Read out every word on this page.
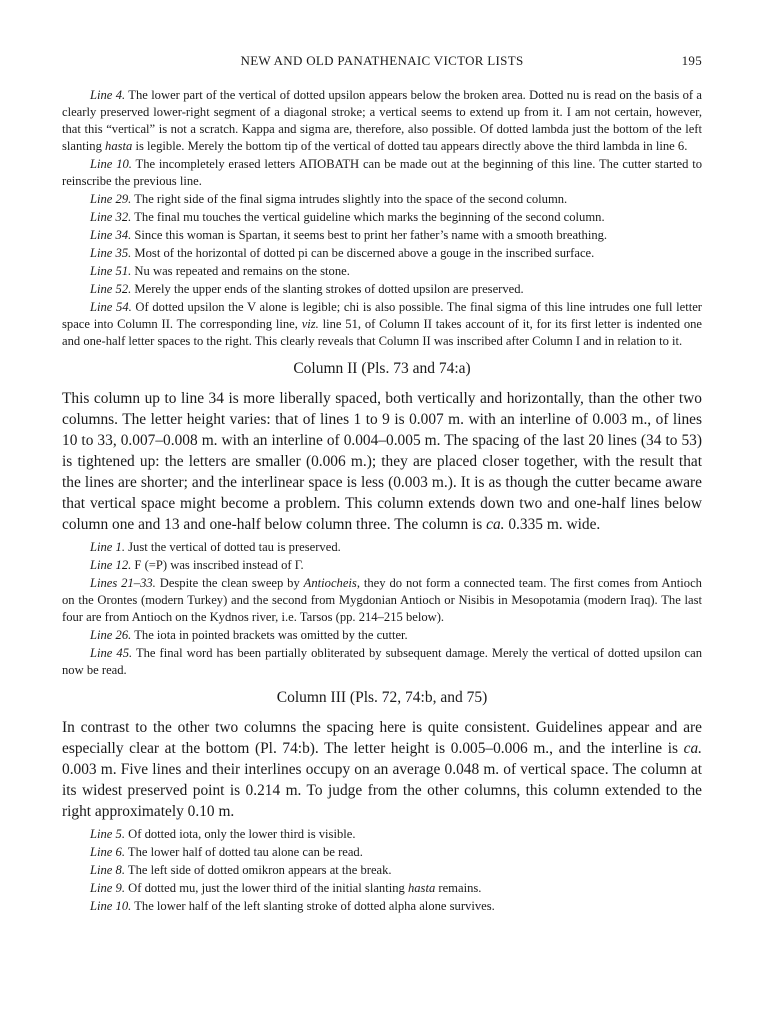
NEW AND OLD PANATHENAIC VICTOR LISTS	195

Line 4. The lower part of the vertical of dotted upsilon appears below the broken area. Dotted nu is read on the basis of a clearly preserved lower-right segment of a diagonal stroke; a vertical seems to extend up from it. I am not certain, however, that this “vertical” is not a scratch. Kappa and sigma are, therefore, also possible. Of dotted lambda just the bottom of the left slanting hasta is legible. Merely the bottom tip of the vertical of dotted tau appears directly above the third lambda in line 6.

Line 10. The incompletely erased letters ΑΠΟΒΑΤΗ can be made out at the beginning of this line. The cutter started to reinscribe the previous line.

Line 29. The right side of the final sigma intrudes slightly into the space of the second column.

Line 32. The final mu touches the vertical guideline which marks the beginning of the second column.

Line 34. Since this woman is Spartan, it seems best to print her father’s name with a smooth breathing.

Line 35. Most of the horizontal of dotted pi can be discerned above a gouge in the inscribed surface.

Line 51. Nu was repeated and remains on the stone.

Line 52. Merely the upper ends of the slanting strokes of dotted upsilon are preserved.

Line 54. Of dotted upsilon the V alone is legible; chi is also possible. The final sigma of this line intrudes one full letter space into Column II. The corresponding line, viz. line 51, of Column II takes account of it, for its first letter is indented one and one-half letter spaces to the right. This clearly reveals that Column II was inscribed after Column I and in relation to it.

Column II (Pls. 73 and 74:a)

This column up to line 34 is more liberally spaced, both vertically and horizontally, than the other two columns. The letter height varies: that of lines 1 to 9 is 0.007 m. with an interline of 0.003 m., of lines 10 to 33, 0.007–0.008 m. with an interline of 0.004–0.005 m. The spacing of the last 20 lines (34 to 53) is tightened up: the letters are smaller (0.006 m.); they are placed closer together, with the result that the lines are shorter; and the interlinear space is less (0.003 m.). It is as though the cutter became aware that vertical space might become a problem. This column extends down two and one-half lines below column one and 13 and one-half below column three. The column is ca. 0.335 m. wide.

Line 1. Just the vertical of dotted tau is preserved.

Line 12. F (=P) was inscribed instead of Γ.

Lines 21–33. Despite the clean sweep by Antiocheis, they do not form a connected team. The first comes from Antioch on the Orontes (modern Turkey) and the second from Mygdonian Antioch or Nisibis in Mesopotamia (modern Iraq). The last four are from Antioch on the Kydnos river, i.e. Tarsos (pp. 214–215 below).

Line 26. The iota in pointed brackets was omitted by the cutter.

Line 45. The final word has been partially obliterated by subsequent damage. Merely the vertical of dotted upsilon can now be read.

Column III (Pls. 72, 74:b, and 75)

In contrast to the other two columns the spacing here is quite consistent. Guidelines appear and are especially clear at the bottom (Pl. 74:b). The letter height is 0.005–0.006 m., and the interline is ca. 0.003 m. Five lines and their interlines occupy on an average 0.048 m. of vertical space. The column at its widest preserved point is 0.214 m. To judge from the other columns, this column extended to the right approximately 0.10 m.

Line 5. Of dotted iota, only the lower third is visible.

Line 6. The lower half of dotted tau alone can be read.

Line 8. The left side of dotted omikron appears at the break.

Line 9. Of dotted mu, just the lower third of the initial slanting hasta remains.

Line 10. The lower half of the left slanting stroke of dotted alpha alone survives.
